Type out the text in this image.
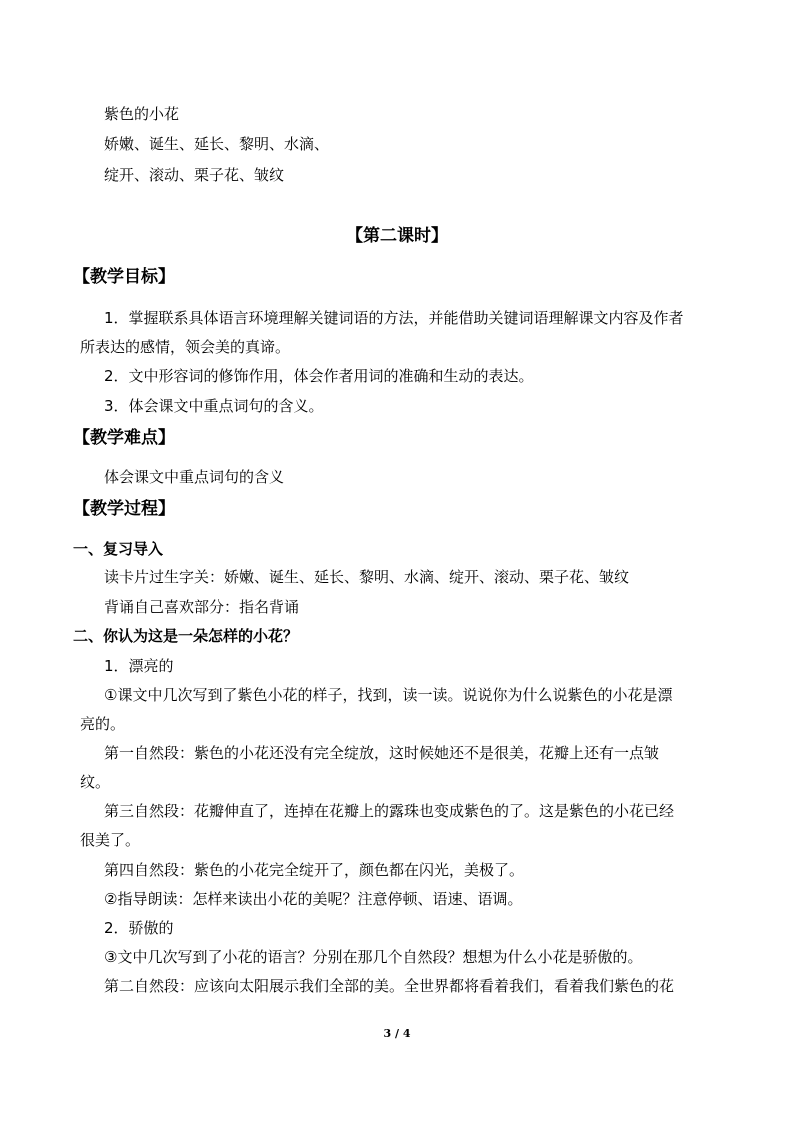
紫色的小花
娇嫩、诞生、延长、黎明、水滴、
绽开、滚动、栗子花、皱纹
【第二课时】
【教学目标】
1．掌握联系具体语言环境理解关键词语的方法，并能借助关键词语理解课文内容及作者
所表达的感情，领会美的真谛。
2．文中形容词的修饰作用，体会作者用词的准确和生动的表达。
3．体会课文中重点词句的含义。
【教学难点】
体会课文中重点词句的含义
【教学过程】
一、复习导入
读卡片过生字关：娇嫩、诞生、延长、黎明、水滴、绽开、滚动、栗子花、皱纹
背诵自己喜欢部分：指名背诵
二、你认为这是一朵怎样的小花？
1．漂亮的
①课文中几次写到了紫色小花的样子，找到，读一读。说说你为什么说紫色的小花是漂
亮的。
第一自然段：紫色的小花还没有完全绽放，这时候她还不是很美，花瓣上还有一点皱
纹。
第三自然段：花瓣伸直了，连掉在花瓣上的露珠也变成紫色的了。这是紫色的小花已经
很美了。
第四自然段：紫色的小花完全绽开了，颜色都在闪光，美极了。
②指导朗读：怎样来读出小花的美呢？注意停顿、语速、语调。
2．骄傲的
③文中几次写到了小花的语言？分别在那几个自然段？想想为什么小花是骄傲的。
第二自然段：应该向太阳展示我们全部的美。全世界都将看着我们，看着我们紫色的花
3 / 4
